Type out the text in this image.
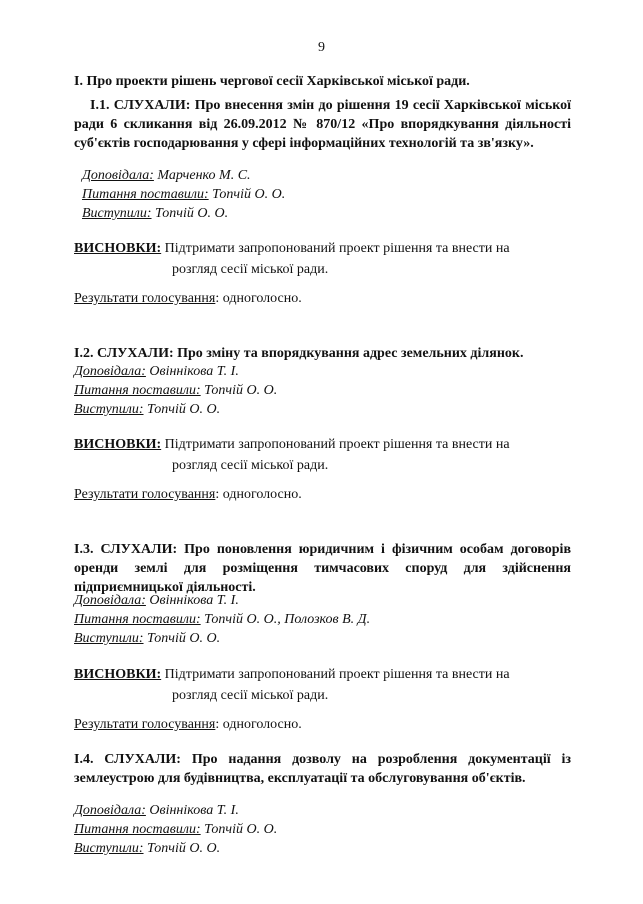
9
І. Про проекти рішень чергової сесії Харківської міської ради.
І.1. СЛУХАЛИ: Про внесення змін до рішення 19 сесії Харківської міської ради 6 скликання від 26.09.2012 № 870/12 «Про впорядкування діяльності суб'єктів господарювання у сфері інформаційних технологій та зв'язку».
Доповідала: Марченко М. С.
Питання поставили: Топчій О. О.
Виступили: Топчій О. О.
ВИСНОВКИ: Підтримати запропонований проект рішення та внести на
розгляд сесії міської ради.
Результати голосування: одноголосно.
І.2. СЛУХАЛИ: Про зміну та впорядкування адрес земельних ділянок.
Доповідала: Овіннікова Т. І.
Питання поставили: Топчій О. О.
Виступили: Топчій О. О.
ВИСНОВКИ: Підтримати запропонований проект рішення та внести на
розгляд сесії міської ради.
Результати голосування: одноголосно.
І.3. СЛУХАЛИ: Про поновлення юридичним і фізичним особам договорів оренди землі для розміщення тимчасових споруд для здійснення підприємницької діяльності.
Доповідала: Овіннікова Т. І.
Питання поставили: Топчій О. О., Полозков В. Д.
Виступили: Топчій О. О.
ВИСНОВКИ: Підтримати запропонований проект рішення та внести на
розгляд сесії міської ради.
Результати голосування: одноголосно.
І.4. СЛУХАЛИ: Про надання дозволу на розроблення документації із землеустрою для будівництва, експлуатації та обслуговування об'єктів.
Доповідала: Овіннікова Т. І.
Питання поставили: Топчій О. О.
Виступили: Топчій О. О.
